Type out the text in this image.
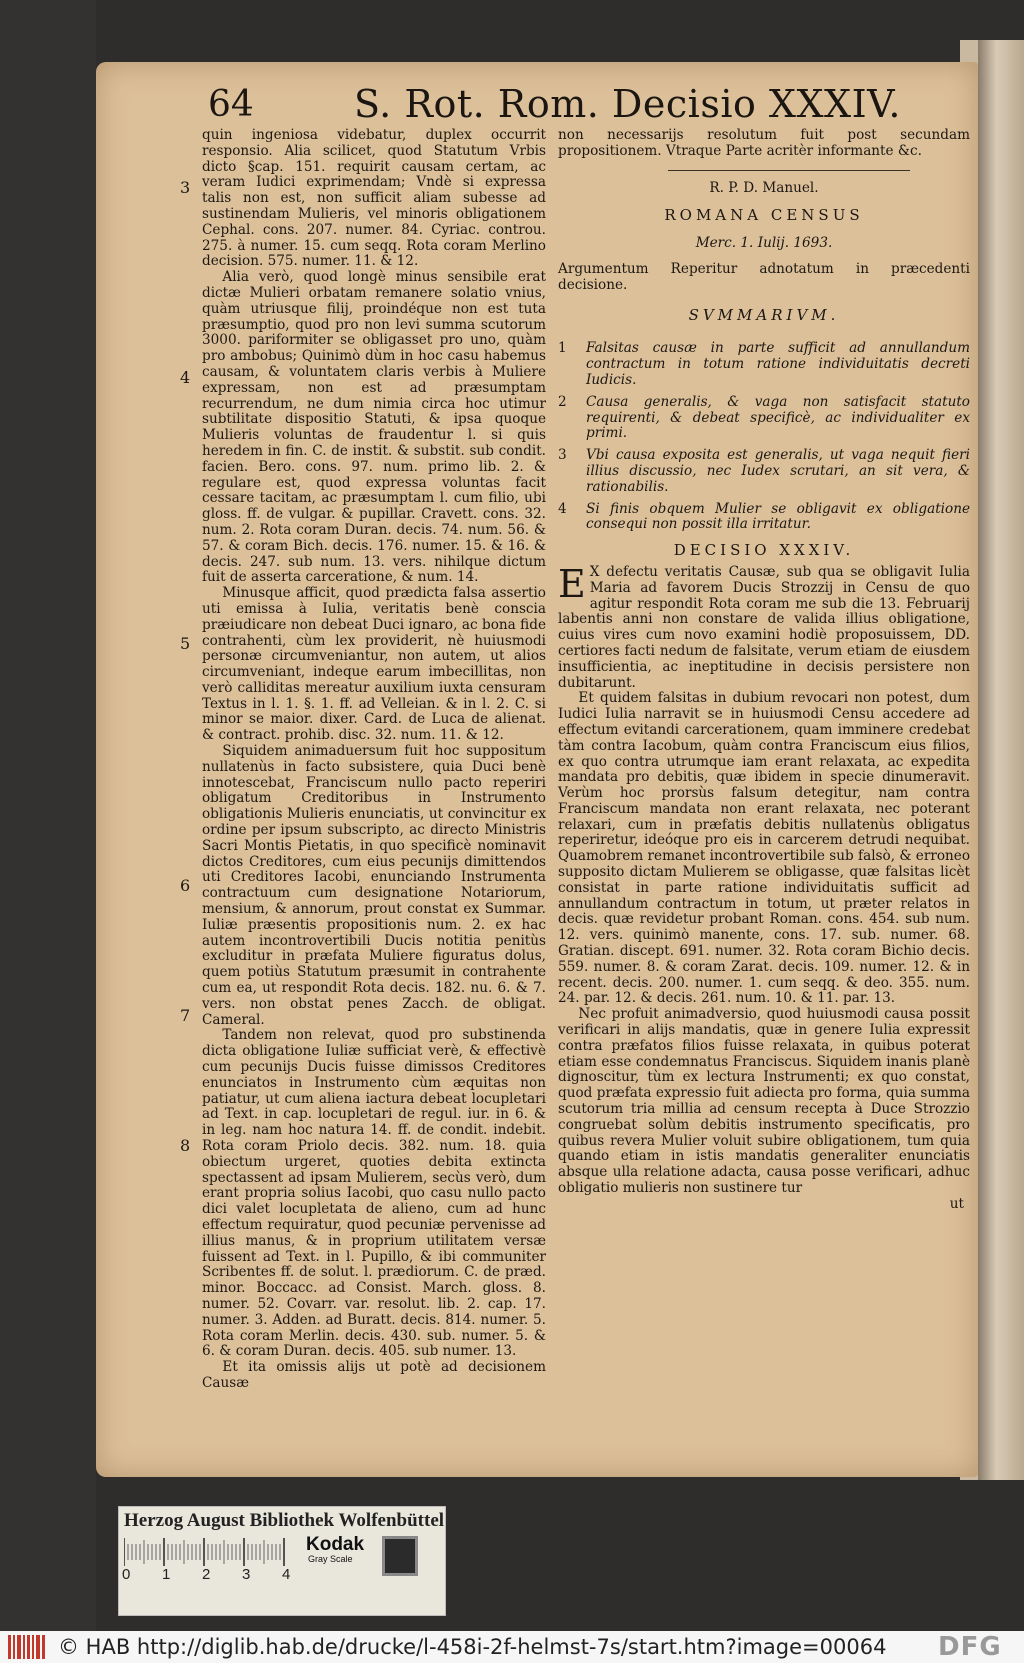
64	S. Rot. Rom. Decisio XXXIV.

quin ingeniosa videbatur, duplex occurrit responsio. Alia scilicet, quod Statutum Vrbis dicto §cap. 151. requirit causam certam, ac veram Iudici exprimendam; Vndè si expressa talis non est, non sufficit aliam subesse ad sustinendam Mulieris, vel minoris obligationem Cephal. cons. 207. numer. 84. Cyriac. controu. 275. à numer. 15. cum seqq. Rota coram Merlino decision. 575. numer. 11. & 12.

Alia verò, quod longè minus sensibile erat dictæ Mulieri orbatam remanere solatio vnius, quàm utriusque filij, proindéque non est tuta præsumptio, quod pro non levi summa scutorum 3000. pariformiter se obligasset pro uno, quàm pro ambobus; Quinimò dùm in hoc casu habemus causam, & voluntatem claris verbis à Muliere expressam, non est ad præsumptam recurrendum, ne dum nimia circa hoc utimur subtilitate dispositio Statuti, & ipsa quoque Mulieris voluntas de fraudentur l. si quis heredem in fin. C. de instit. & substit. sub condit. facien. Bero. cons. 97. num. primo lib. 2. & regulare est, quod expressa voluntas facit cessare tacitam, ac præsumptam l. cum filio, ubi gloss. ff. de vulgar. & pupillar. Cravett. cons. 32. num. 2. Rota coram Duran. decis. 74. num. 56. & 57. & coram Bich. decis. 176. numer. 15. & 16. & decis. 247. sub num. 13. vers. nihilque dictum fuit de asserta carceratione, & num. 14.

Minusque afficit, quod prædicta falsa assertio uti emissa à Iulia, veritatis benè conscia præiudicare non debeat Duci ignaro, ac bona fide contrahenti, cùm lex providerit, nè huiusmodi personæ circumveniantur, non autem, ut alios circumveniant, indeque earum imbecillitas, non verò calliditas mereatur auxilium iuxta censuram Textus in l. 1. §. 1. ff. ad Velleian. & in l. 2. C. si minor se maior. dixer. Card. de Luca de alienat. & contract. prohib. disc. 32. num. 11. & 12.

Siquidem animaduersum fuit hoc suppositum nullatenùs in facto subsistere, quia Duci benè innotescebat, Franciscum nullo pacto reperiri obligatum Creditoribus in Instrumento obligationis Mulieris enunciatis, ut convincitur ex ordine per ipsum subscripto, ac directo Ministris Sacri Montis Pietatis, in quo specificè nominavit dictos Creditores, cum eius pecunijs dimittendos uti Creditores Iacobi, enunciando Instrumenta contractuum cum designatione Notariorum, mensium, & annorum, prout constat ex Summar. Iuliæ præsentis propositionis num. 2. ex hac autem incontrovertibili Ducis notitia penitùs excluditur in præfata Muliere figuratus dolus, quem potiùs Statutum præsumit in contrahente cum ea, ut respondit Rota decis. 182. nu. 6. & 7. vers. non obstat penes Zacch. de obligat. Cameral.

Tandem non relevat, quod pro substinenda dicta obligatione Iuliæ sufficiat verè, & effectivè cum pecunijs Ducis fuisse dimissos Creditores enunciatos in Instrumento cùm æquitas non patiatur, ut cum aliena iactura debeat locupletari ad Text. in cap. locupletari de regul. iur. in 6. & in leg. nam hoc natura 14. ff. de condit. indebit. Rota coram Priolo decis. 382. num. 18. quia obiectum urgeret, quoties debita extincta spectassent ad ipsam Mulierem, secùs verò, dum erant propria solius Iacobi, quo casu nullo pacto dici valet locupletata de alieno, cum ad hunc effectum requiratur, quod pecuniæ pervenisse ad illius manus, & in proprium utilitatem versæ fuissent ad Text. in l. Pupillo, & ibi communiter Scribentes ff. de solut. l. prædiorum. C. de præd. minor. Boccacc. ad Consist. March. gloss. 8. numer. 52. Covarr. var. resolut. lib. 2. cap. 17. numer. 3. Adden. ad Buratt. decis. 814. numer. 5. Rota coram Merlin. decis. 430. sub. numer. 5. & 6. & coram Duran. decis. 405. sub numer. 13.

Et ita omissis alijs ut potè ad decisionem Causæ

3
4
5
6
7
8

non necessarijs resolutum fuit post secundam propositionem. Vtraque Parte acritèr informante &c.

R. P. D. Manuel.

ROMANA CENSUS

Merc. 1. Iulij. 1693.

Argumentum Reperitur adnotatum in præcedenti decisione.

SVMMARIVM.

1 Falsitas causæ in parte sufficit ad annullandum contractum in totum ratione individuitatis decreti Iudicis.
2 Causa generalis, & vaga non satisfacit statuto requirenti, & debeat specificè, ac individualiter ex primi.
3 Vbi causa exposita est generalis, ut vaga nequit fieri illius discussio, nec Iudex scrutari, an sit vera, & rationabilis.
4 Si finis obquem Mulier se obligavit ex obligatione consequi non possit illa irritatur.

DECISIO XXXIV.

E X defectu veritatis Causæ, sub qua se obligavit Iulia Maria ad favorem Ducis Strozzij in Censu de quo agitur respondit Rota coram me sub die 13. Februarij labentis anni non constare de valida illius obligatione, cuius vires cum novo examini hodiè proposuissem, DD. certiores facti nedum de falsitate, verum etiam de eiusdem insufficientia, ac ineptitudine in decisis persistere non dubitarunt.

Et quidem falsitas in dubium revocari non potest, dum Iudici Iulia narravit se in huiusmodi Censu accedere ad effectum evitandi carcerationem, quam imminere credebat tàm contra Iacobum, quàm contra Franciscum eius filios, ex quo contra utrumque iam erant relaxata, ac expedita mandata pro debitis, quæ ibidem in specie dinumeravit. Verùm hoc prorsùs falsum detegitur, nam contra Franciscum mandata non erant relaxata, nec poterant relaxari, cum in præfatis debitis nullatenùs obligatus reperiretur, ideóque pro eis in carcerem detrudi nequibat. Quamobrem remanet incontrovertibile sub falsò, & erroneo supposito dictam Mulierem se obligasse, quæ falsitas licèt consistat in parte ratione individuitatis sufficit ad annullandum contractum in totum, ut præter relatos in decis. quæ revidetur probant Roman. cons. 454. sub num. 12. vers. quinimò manente, cons. 17. sub. numer. 68. Gratian. discept. 691. numer. 32. Rota coram Bichio decis. 559. numer. 8. & coram Zarat. decis. 109. numer. 12. & in recent. decis. 200. numer. 1. cum seqq. & deo. 355. num. 24. par. 12. & decis. 261. num. 10. & 11. par. 13.

Nec profuit animadversio, quod huiusmodi causa possit verificari in alijs mandatis, quæ in genere Iulia expressit contra præfatos filios fuisse relaxata, in quibus poterat etiam esse condemnatus Franciscus. Siquidem inanis planè dignoscitur, tùm ex lectura Instrumenti; ex quo constat, quod præfata expressio fuit adiecta pro forma, quia summa scutorum tria millia ad censum recepta à Duce Strozzio congruebat solùm debitis instrumento specificatis, pro quibus revera Mulier voluit subire obligationem, tum quia quando etiam in istis mandatis generaliter enunciatis absque ulla relatione adacta, causa posse verificari, adhuc obligatio mulieris non sustinere tur

ut

Herzog August Bibliothek Wolfenbüttel
0 1 2 3 4
Kodak
Gray Scale
© HAB http://diglib.hab.de/drucke/l-458i-2f-helmst-7s/start.htm?image=00064 DFG
